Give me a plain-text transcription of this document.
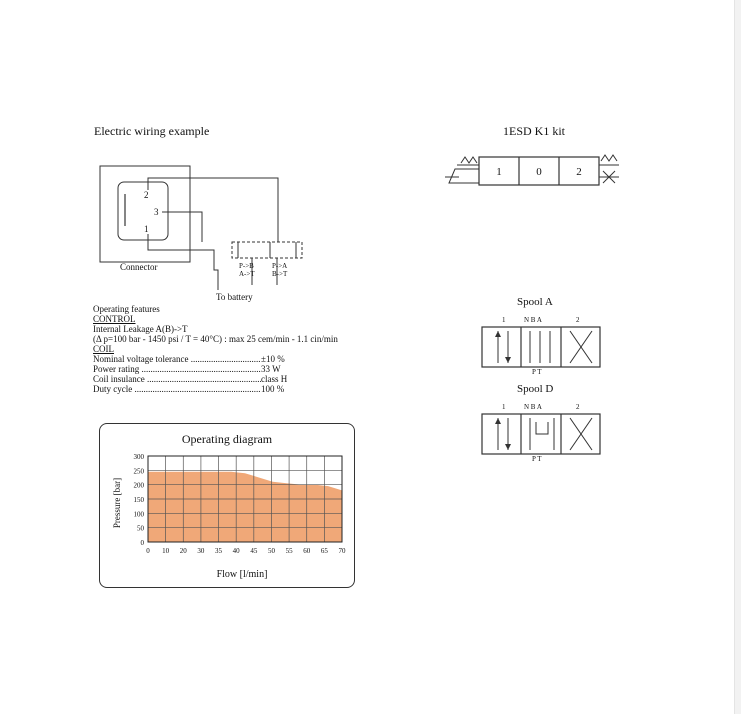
Electric wiring example
2
3
1
P->B
A->T
P->A
B->T
Connector
To battery
Operating features
CONTROL
Internal Leakage A(B)->T
(Δ p=100 bar - 1450 psi / T = 40°C) : max 25 cem/min - 1.1 cin/min
COIL
Nominal voltage tolerance .....	±10 %
Power rating .....	33 W
Coil insulance .....	class H
Duty cycle .....	100 %
Operating diagram
0
50
100
150
200
250
300
0 10 20 30 35 40 45 50 55 60 65 70
Flow [l/min]
Pressure [bar]
1ESD K1 kit
1	0	2
Spool A
1	N B A	2
P T
Spool D
1	N B A	2
P T
